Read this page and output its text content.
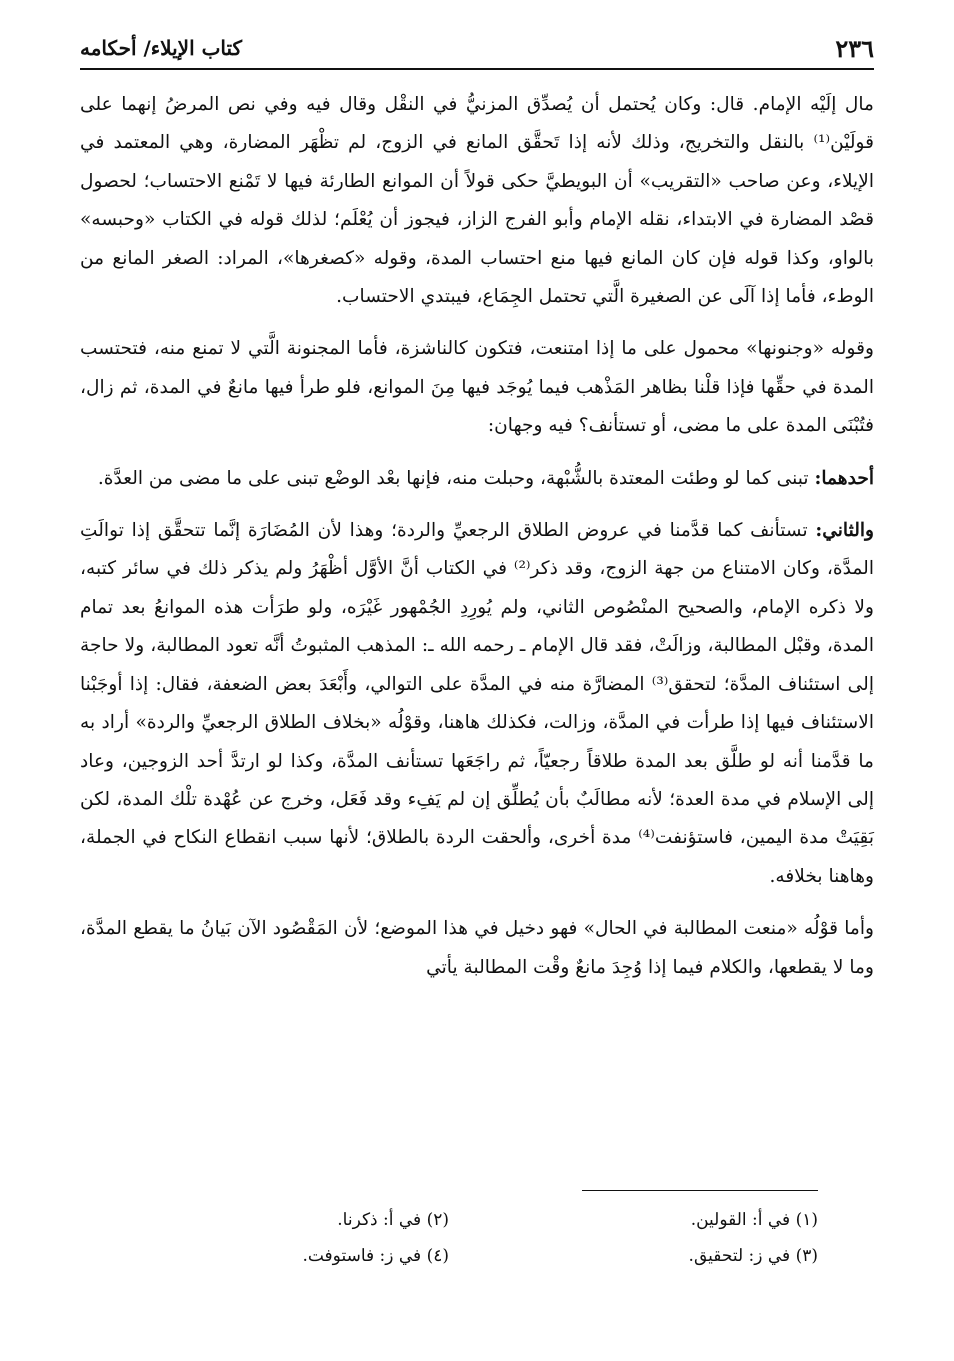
٢٣٦
كتاب الإيلاء/ أحكامه

مال إلَيْه الإمام. قال: وكان يُحتمل أن يُصدِّق المزنيُّ في النقْل وقال فيه وفي نص المرضُ إنهما على قولَيْن⁽¹⁾ بالنقل والتخريج، وذلك لأنه إذا تَحقَّق المانع في الزوج، لم تظْهَر المضارة، وهي المعتمد في الإيلاء، وعن صاحب «التقريب» أن البويطيَّ حكى قولاً أن الموانع الطارئة فيها لا تَمْنع الاحتساب؛ لحصول قصْد المضارة في الابتداء، نقله الإمام وأبو الفرج الزاز، فيجوز أن يُعْلَم؛ لذلك قوله في الكتاب «وحبسه» بالواو، وكذا قوله فإن كان المانع فيها منع احتساب المدة، وقوله «كصغرها»، المراد: الصغر المانع من الوطء، فأما إذا آلَى عن الصغيرة الَّتي تحتمل الجِمَاع، فيبتدي الاحتساب.

وقوله «وجنونها» محمول على ما إذا امتنعت، فتكون كالناشزة، فأما المجنونة الَّتي لا تمنع منه، فتحتسب المدة في حقِّها فإذا قلْنا بظاهر المَذْهب فيما يُوجَد فيها مِنَ الموانع، فلو طرأ فيها مانعٌ في المدة، ثم زال، فتُبْنَى المدة على ما مضى، أو تستأنف؟ فيه وجهان:

أحدهما: تبنى كما لو وطئت المعتدة بالشُّبْهة، وحبلت منه، فإنها بعْد الوضْع تبنى على ما مضى من العدَّة.

والثاني: تستأنف كما قدَّمنا في عروض الطلاق الرجعيِّ والردة؛ وهذا لأن المُضَارَة إنَّما تتحقَّق إذا توالَتِ المدَّة، وكان الامتناع من جهة الزوج، وقد ذكر⁽²⁾ في الكتاب أنَّ الأوَّل أظْهَرُ ولم يذكر ذلك في سائر كتبه، ولا ذكره الإمام، والصحيح المنْصُوص الثاني، ولم يُورِدِ الجُمْهور غَيْرَه، ولو طرَأت هذه الموانعُ بعد تمام المدة، وقبْل المطالبة، وزالَتْ، فقد قال الإمام ـ رحمه الله ـ: المذهب المثبوتُ أنَّه تعود المطالبة، ولا حاجة إلى استئناف المدَّة؛ لتحقق⁽³⁾ المضارَّة منه في المدَّة على التوالي، وأَبْعَدَ بعض الضعفة، فقال: إذا أوجَبْنا الاستئناف فيها إذا طرأت في المدَّة، وزالت، فكذلك هاهنا، وقوْلُه «بخلاف الطلاق الرجعيِّ والردة» أراد به ما قدَّمنا أنه لو طلَّق بعد المدة طلاقاً رجعيّاً، ثم راجَعَها تستأنف المدَّة، وكذا لو ارتدَّ أحد الزوجين، وعاد إلى الإسلام في مدة العدة؛ لأنه مطالَبٌ بأن يُطلِّق إن لم يَفِء وقد فَعَل، وخرج عن عُهْدة تلْك المدة، لكن بَقِيَتْ مدة اليمين، فاستؤنفت⁽⁴⁾ مدة أخرى، وألحقت الردة بالطلاق؛ لأنها سبب انقطاع النكاح في الجملة، وهاهنا بخلافه.

وأما قوْلُه «منعت المطالبة في الحال» فهو دخيل في هذا الموضع؛ لأن المَقْصُود الآن بَيانُ ما يقطع المدَّة، وما لا يقطعها، والكلام فيما إذا وُجِدَ مانعٌ وقْت المطالبة يأتي

(١) في أ: القولين.
(٢) في أ: ذكرنا.
(٣) في ز: لتحقيق.
(٤) في ز: فاستوفت.
